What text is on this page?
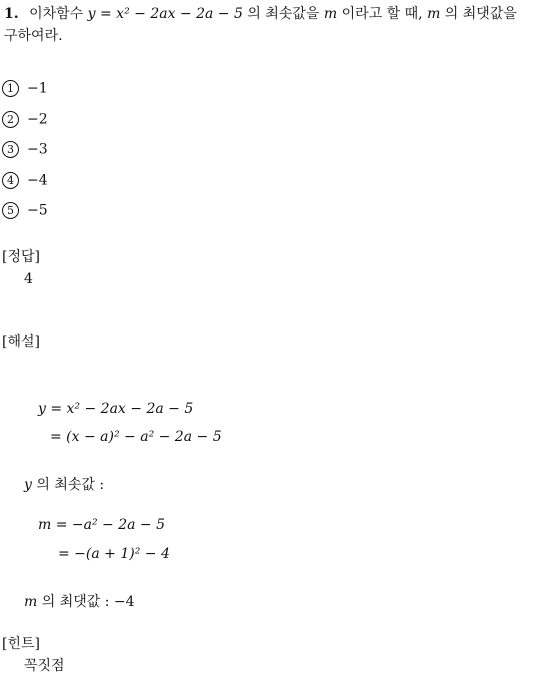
1. 이차함수 y = x² − 2ax − 2a − 5 의 최솟값을 m 이라고 할 때, m 의 최댓값을
구하여라.
1 −1
2 −2
3 −3
4 −4
5 −5
[정답]
4
[해설]
y = x² − 2ax − 2a − 5
= (x − a)² − a² − 2a − 5
y 의 최솟값 :
m = −a² − 2a − 5
= −(a + 1)² − 4
m 의 최댓값 : −4
[힌트]
꼭짓점
